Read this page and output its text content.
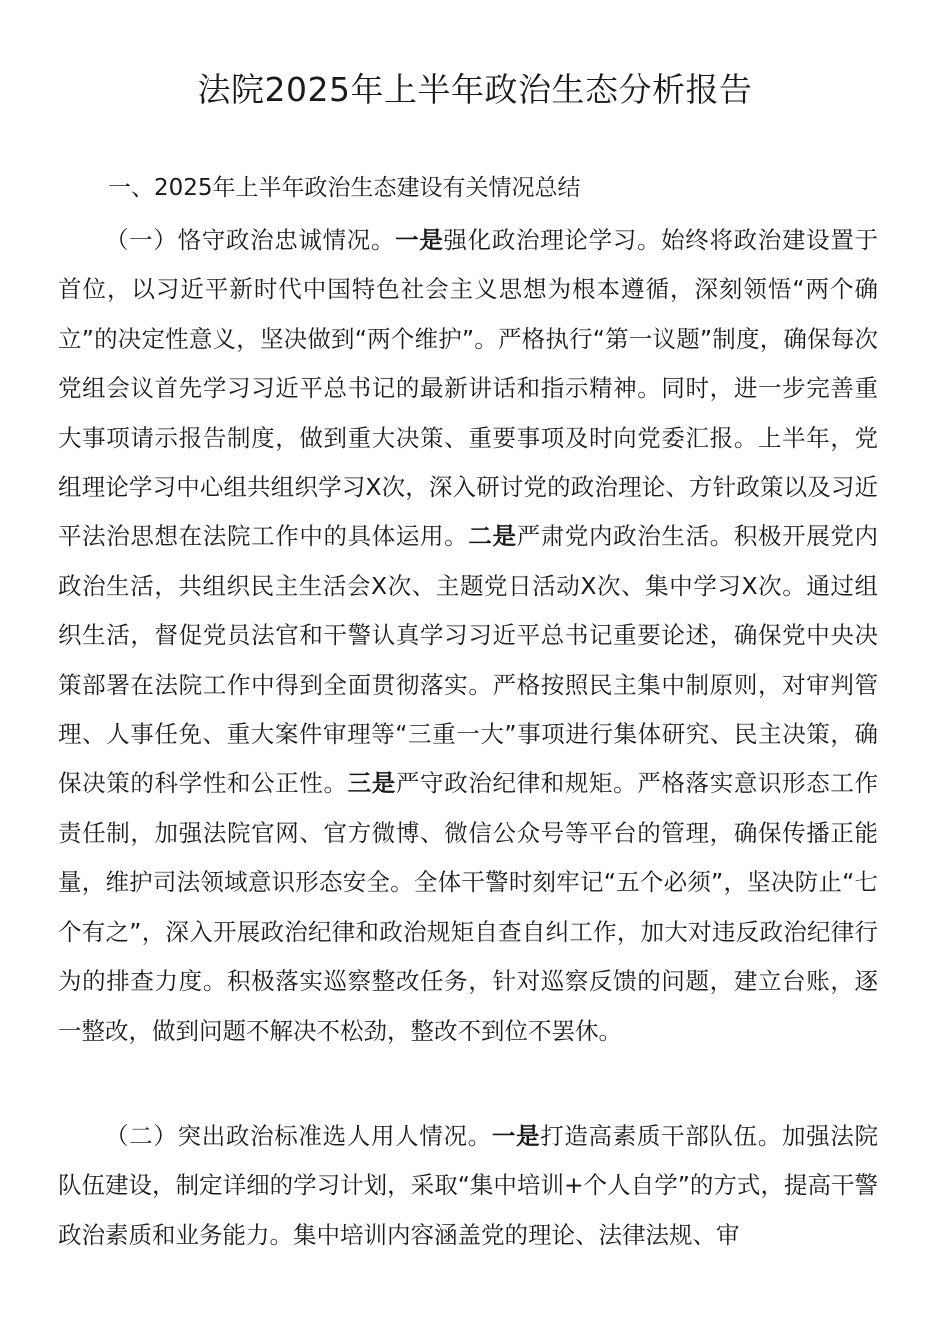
法院2025年上半年政治生态分析报告

一、2025年上半年政治生态建设有关情况总结

（一）恪守政治忠诚情况。一是强化政治理论学习。始终将政治建设置于首位，以习近平新时代中国特色社会主义思想为根本遵循，深刻领悟“两个确立”的决定性意义，坚决做到“两个维护”。严格执行“第一议题”制度，确保每次党组会议首先学习习近平总书记的最新讲话和指示精神。同时，进一步完善重大事项请示报告制度，做到重大决策、重要事项及时向党委汇报。上半年，党组理论学习中心组共组织学习X次，深入研讨党的政治理论、方针政策以及习近平法治思想在法院工作中的具体运用。二是严肃党内政治生活。积极开展党内政治生活，共组织民主生活会X次、主题党日活动X次、集中学习X次。通过组织生活，督促党员法官和干警认真学习习近平总书记重要论述，确保党中央决策部署在法院工作中得到全面贯彻落实。严格按照民主集中制原则，对审判管理、人事任免、重大案件审理等“三重一大”事项进行集体研究、民主决策，确保决策的科学性和公正性。三是严守政治纪律和规矩。严格落实意识形态工作责任制，加强法院官网、官方微博、微信公众号等平台的管理，确保传播正能量，维护司法领域意识形态安全。全体干警时刻牢记“五个必须”，坚决防止“七个有之”，深入开展政治纪律和政治规矩自查自纠工作，加大对违反政治纪律行为的排查力度。积极落实巡察整改任务，针对巡察反馈的问题，建立台账，逐一整改，做到问题不解决不松劲，整改不到位不罢休。

（二）突出政治标准选人用人情况。一是打造高素质干部队伍。加强法院队伍建设，制定详细的学习计划，采取“集中培训+个人自学”的方式，提高干警政治素质和业务能力。集中培训内容涵盖党的理论、法律法规、审
